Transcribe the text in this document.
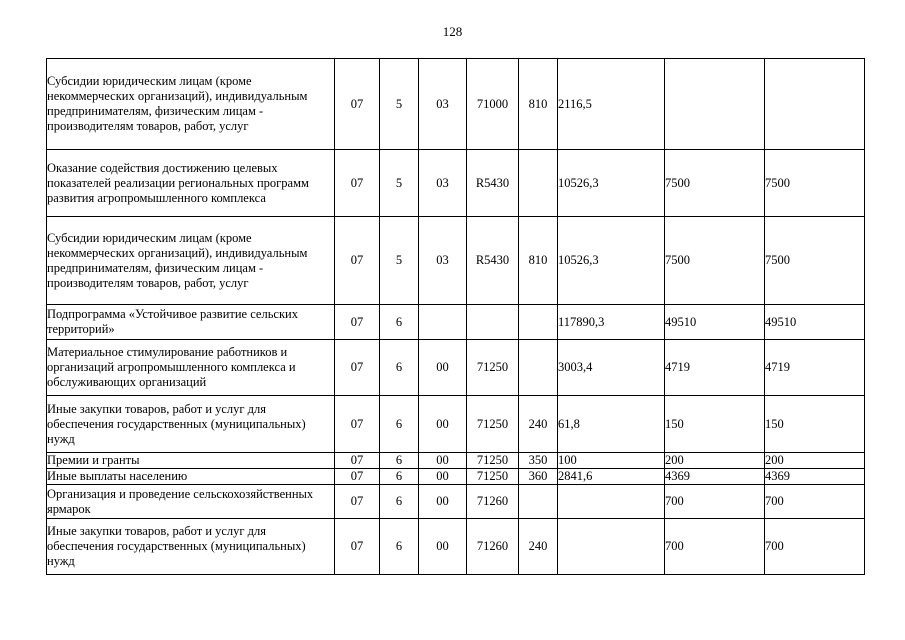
128
Субсидии юридическим лицам (кроме некоммерческих организаций), индивидуальным предпринимателям, физическим лицам - производителям товаров, работ, услуг	07	5	03	71000	810	2116,5		
Оказание содействия достижению целевых показателей реализации региональных программ развития агропромышленного комплекса	07	5	03	R5430		10526,3	7500	7500
Субсидии юридическим лицам (кроме некоммерческих организаций), индивидуальным предпринимателям, физическим лицам - производителям товаров, работ, услуг	07	5	03	R5430	810	10526,3	7500	7500
Подпрограмма «Устойчивое развитие сельских территорий»	07	6				117890,3	49510	49510
Материальное стимулирование работников и организаций агропромышленного комплекса и обслуживающих организаций	07	6	00	71250		3003,4	4719	4719
Иные закупки товаров, работ и услуг для обеспечения государственных (муниципальных) нужд	07	6	00	71250	240	61,8	150	150
Премии и гранты	07	6	00	71250	350	100	200	200
Иные выплаты населению	07	6	00	71250	360	2841,6	4369	4369
Организация и проведение сельскохозяйственных ярмарок	07	6	00	71260			700	700
Иные закупки товаров, работ и услуг для обеспечения государственных (муниципальных) нужд	07	6	00	71260	240		700	700
